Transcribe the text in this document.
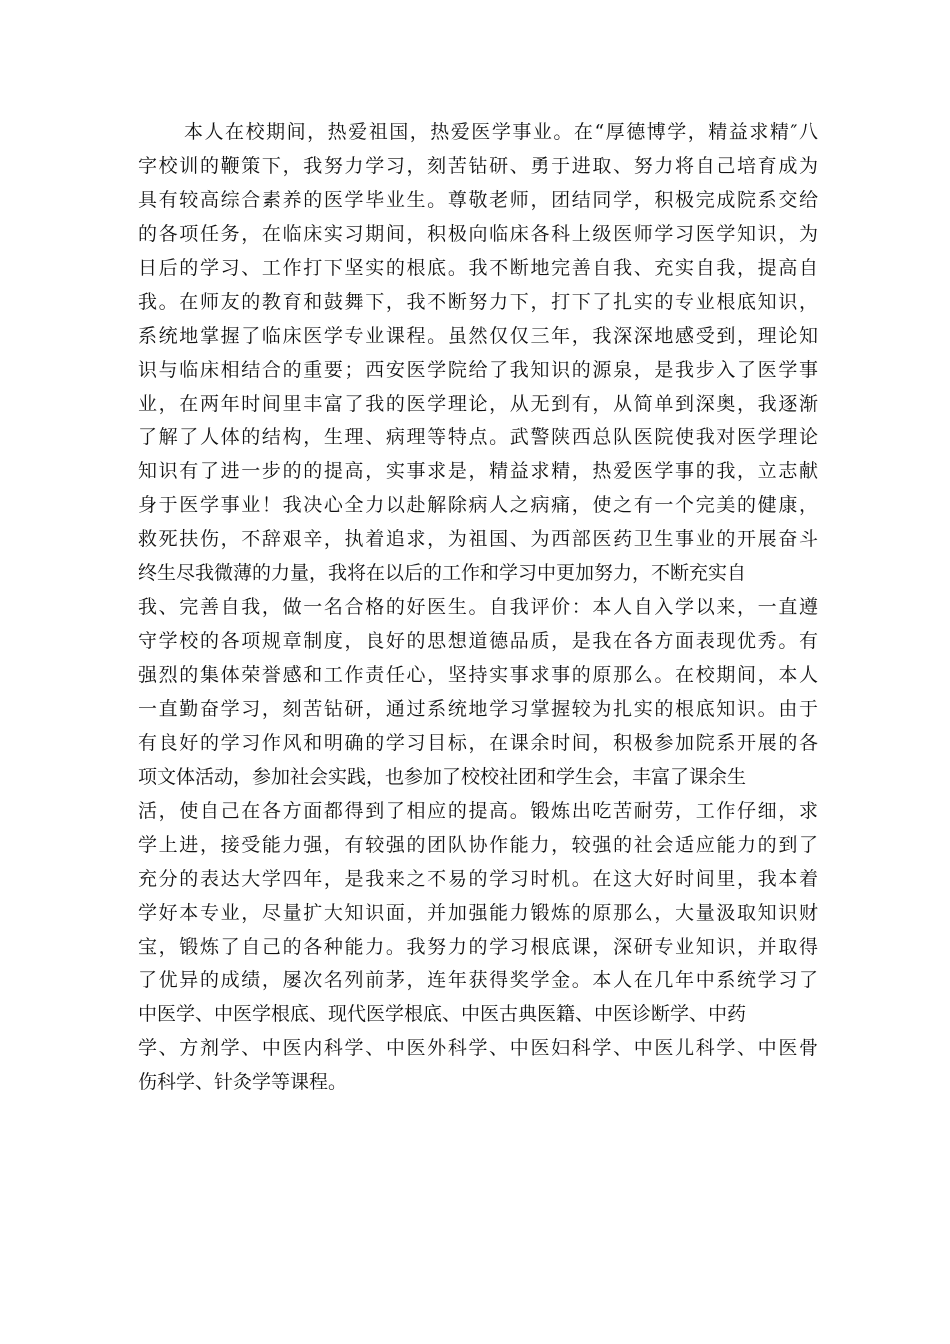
本人在校期间，热爱祖国，热爱医学事业。在“厚德博学，精益求精″八
字校训的鞭策下，我努力学习，刻苦钻研、勇于进取、努力将自己培育成为
具有较高综合素养的医学毕业生。尊敬老师，团结同学，积极完成院系交给
的各项任务，在临床实习期间，积极向临床各科上级医师学习医学知识，为
日后的学习、工作打下坚实的根底。我不断地完善自我、充实自我，提高自
我。在师友的教育和鼓舞下，我不断努力下，打下了扎实的专业根底知识，
系统地掌握了临床医学专业课程。虽然仅仅三年，我深深地感受到，理论知
识与临床相结合的重要；西安医学院给了我知识的源泉，是我步入了医学事
业，在两年时间里丰富了我的医学理论，从无到有，从简单到深奥，我逐渐
了解了人体的结构，生理、病理等特点。武警陕西总队医院使我对医学理论
知识有了进一步的的提高，实事求是，精益求精，热爱医学事的我，立志献
身于医学事业！我决心全力以赴解除病人之病痛，使之有一个完美的健康，
救死扶伤，不辞艰辛，执着追求，为祖国、为西部医药卫生事业的开展奋斗
终生尽我微薄的力量，我将在以后的工作和学习中更加努力，不断充实自
我、完善自我，做一名合格的好医生。自我评价：本人自入学以来，一直遵
守学校的各项规章制度，良好的思想道德品质，是我在各方面表现优秀。有
强烈的集体荣誉感和工作责任心，坚持实事求事的原那么。在校期间，本人
一直勤奋学习，刻苦钻研，通过系统地学习掌握较为扎实的根底知识。由于
有良好的学习作风和明确的学习目标，在课余时间，积极参加院系开展的各
项文体活动，参加社会实践，也参加了校校社团和学生会，丰富了课余生
活，使自己在各方面都得到了相应的提高。锻炼出吃苦耐劳，工作仔细，求
学上进，接受能力强，有较强的团队协作能力，较强的社会适应能力的到了
充分的表达大学四年，是我来之不易的学习时机。在这大好时间里，我本着
学好本专业，尽量扩大知识面，并加强能力锻炼的原那么，大量汲取知识财
宝，锻炼了自己的各种能力。我努力的学习根底课，深研专业知识，并取得
了优异的成绩，屡次名列前茅，连年获得奖学金。本人在几年中系统学习了
中医学、中医学根底、现代医学根底、中医古典医籍、中医诊断学、中药
学、方剂学、中医内科学、中医外科学、中医妇科学、中医儿科学、中医骨
伤科学、针灸学等课程。
